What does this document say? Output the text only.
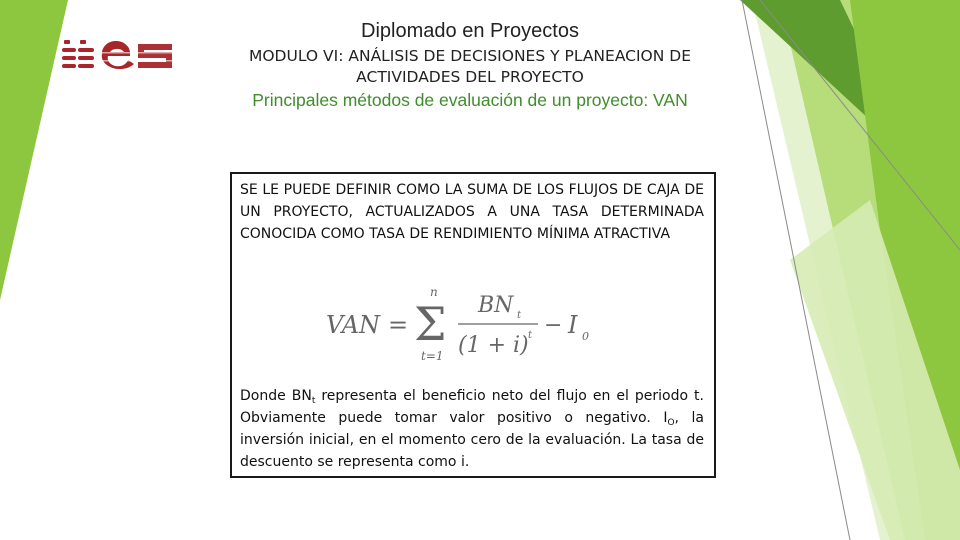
Diplomado en Proyectos
MODULO VI: ANÁLISIS DE DECISIONES Y PLANEACION DE ACTIVIDADES DEL PROYECTO
Principales métodos de evaluación de un proyecto: VAN
SE LE PUEDE DEFINIR COMO LA SUMA DE LOS FLUJOS DE CAJA DE UN PROYECTO, ACTUALIZADOS A UNA TASA DETERMINADA CONOCIDA COMO TASA DE RENDIMIENTO MÍNIMA ATRACTIVA
VAN = Σ
n
t=1
BN t
(1 + i) t − I 0
Donde $BN_t$ representa el beneficio neto del flujo en el periodo t. Obviamente puede tomar valor positivo o negativo. $I_O$, la inversión inicial, en el momento cero de la evaluación. La tasa de descuento se representa como i.
